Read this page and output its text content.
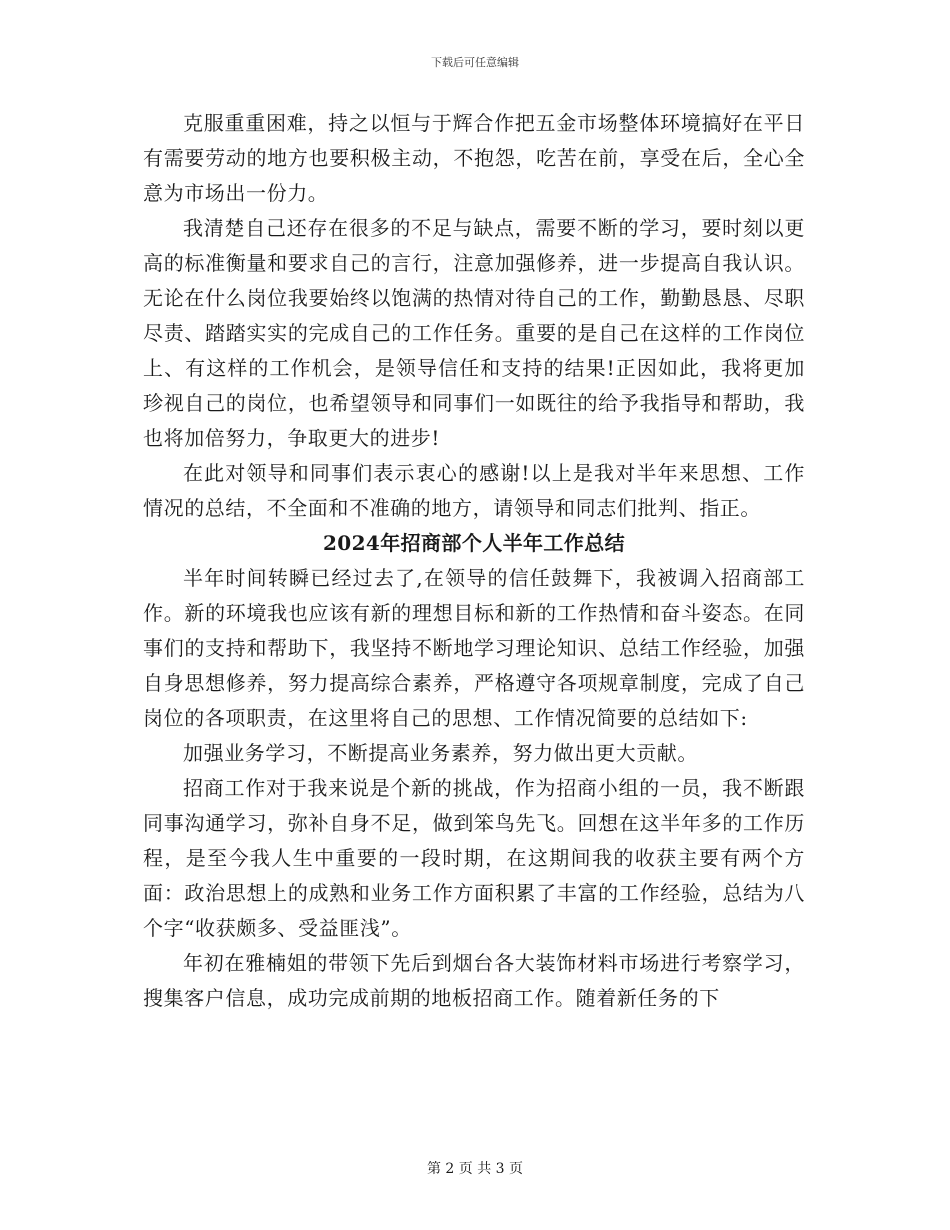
下载后可任意编辑

克服重重困难，持之以恒与于辉合作把五金市场整体环境搞好在平日有需要劳动的地方也要积极主动，不抱怨，吃苦在前，享受在后，全心全意为市场出一份力。

我清楚自己还存在很多的不足与缺点，需要不断的学习，要时刻以更高的标准衡量和要求自己的言行，注意加强修养，进一步提高自我认识。无论在什么岗位我要始终以饱满的热情对待自己的工作，勤勤恳恳、尽职尽责、踏踏实实的完成自己的工作任务。重要的是自己在这样的工作岗位上、有这样的工作机会，是领导信任和支持的结果!正因如此，我将更加珍视自己的岗位，也希望领导和同事们一如既往的给予我指导和帮助，我也将加倍努力，争取更大的进步!

在此对领导和同事们表示衷心的感谢!以上是我对半年来思想、工作情况的总结，不全面和不准确的地方，请领导和同志们批判、指正。

2024年招商部个人半年工作总结

半年时间转瞬已经过去了,在领导的信任鼓舞下，我被调入招商部工作。新的环境我也应该有新的理想目标和新的工作热情和奋斗姿态。在同事们的支持和帮助下，我坚持不断地学习理论知识、总结工作经验，加强自身思想修养，努力提高综合素养，严格遵守各项规章制度，完成了自己岗位的各项职责，在这里将自己的思想、工作情况简要的总结如下:

加强业务学习，不断提高业务素养，努力做出更大贡献。

招商工作对于我来说是个新的挑战，作为招商小组的一员，我不断跟同事沟通学习，弥补自身不足，做到笨鸟先飞。回想在这半年多的工作历程，是至今我人生中重要的一段时期，在这期间我的收获主要有两个方面：政治思想上的成熟和业务工作方面积累了丰富的工作经验，总结为八个字“收获颇多、受益匪浅”。

年初在雅楠姐的带领下先后到烟台各大装饰材料市场进行考察学习，搜集客户信息，成功完成前期的地板招商工作。随着新任务的下

第 2 页 共 3 页
